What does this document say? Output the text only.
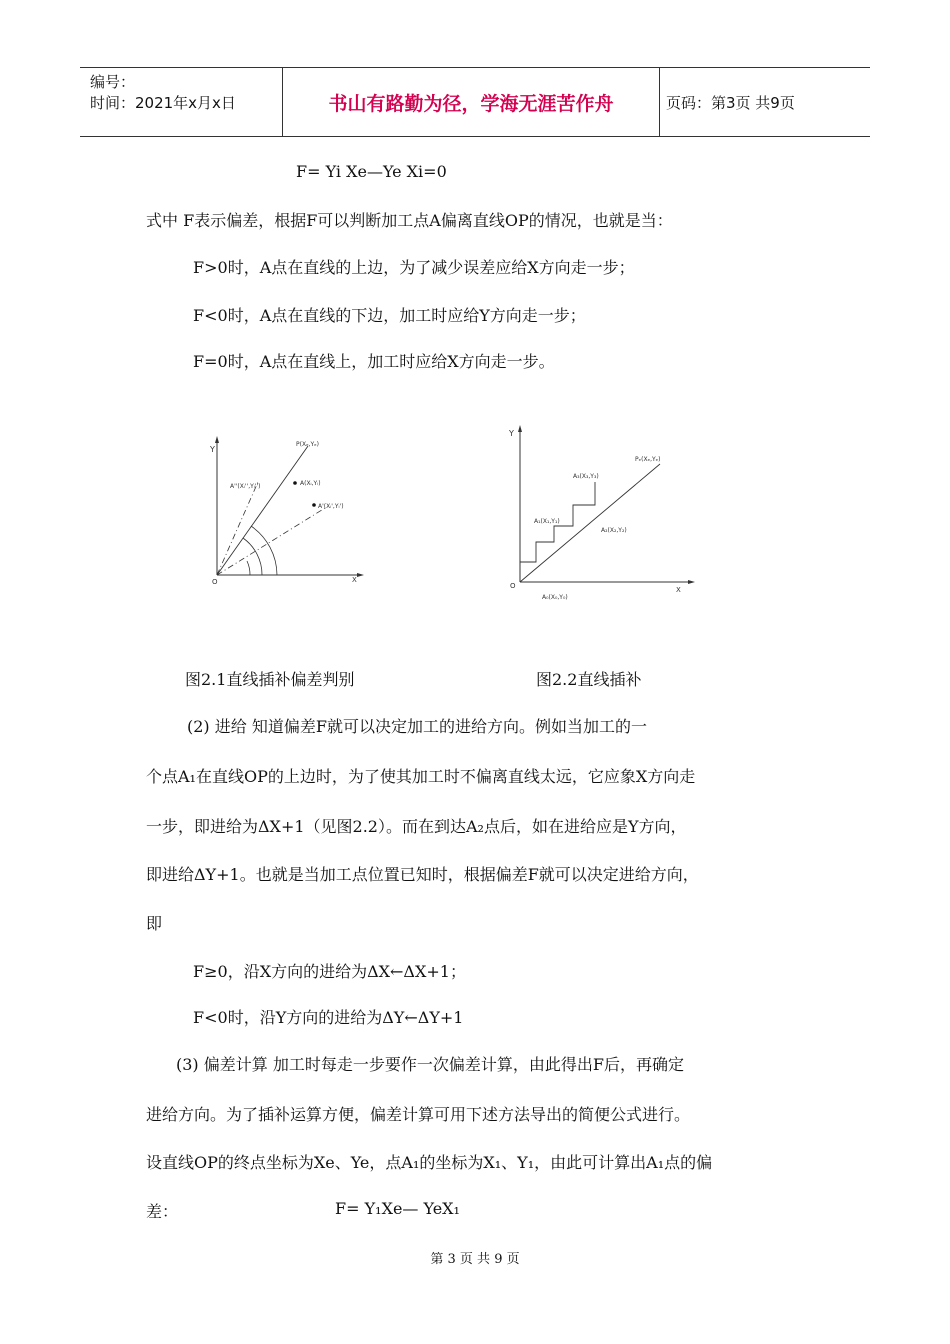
编号：
时间：2021年x月x日	书山有路勤为径，学海无涯苦作舟	页码：第3页 共9页
F= Yi Xe—Ye Xi=0
式中 F表示偏差，根据F可以判断加工点A偏离直线OP的情况，也就是当：
F>0时，A点在直线的上边，为了减少误差应给X方向走一步；
F<0时，A点在直线的下边，加工时应给Y方向走一步；
F=0时，A点在直线上，加工时应给X方向走一步。
Y
X
O
P(Xₑ,Yₑ)
A(Xᵢ,Yᵢ)
A''(Xᵢ'',Yᵢ'')
A'(Xᵢ',Yᵢ')
Y
X
O
Pₑ(Xₑ,Yₑ)
A₃(X₃,Y₃)
A₁(X₁,Y₁)
A₂(X₂,Y₂)
A₀(X₀,Y₀)
图2.1直线插补偏差判别	图2.2直线插补
(2) 进给 知道偏差F就可以决定加工的进给方向。例如当加工的一
个点A₁在直线OP的上边时，为了使其加工时不偏离直线太远，它应象X方向走
一步，即进给为ΔX+1（见图2.2）。而在到达A₂点后，如在进给应是Y方向，
即进给ΔY+1。也就是当加工点位置已知时，根据偏差F就可以决定进给方向，
即
F≥0，沿X方向的进给为ΔX←ΔX+1；
F<0时，沿Y方向的进给为ΔY←ΔY+1
(3) 偏差计算 加工时每走一步要作一次偏差计算，由此得出F后，再确定
进给方向。为了插补运算方便，偏差计算可用下述方法导出的简便公式进行。
设直线OP的终点坐标为Xe、Ye，点A₁的坐标为X₁、Y₁，由此可计算出A₁点的偏
差：	F= Y₁Xe— YeX₁
第 3 页 共 9 页
